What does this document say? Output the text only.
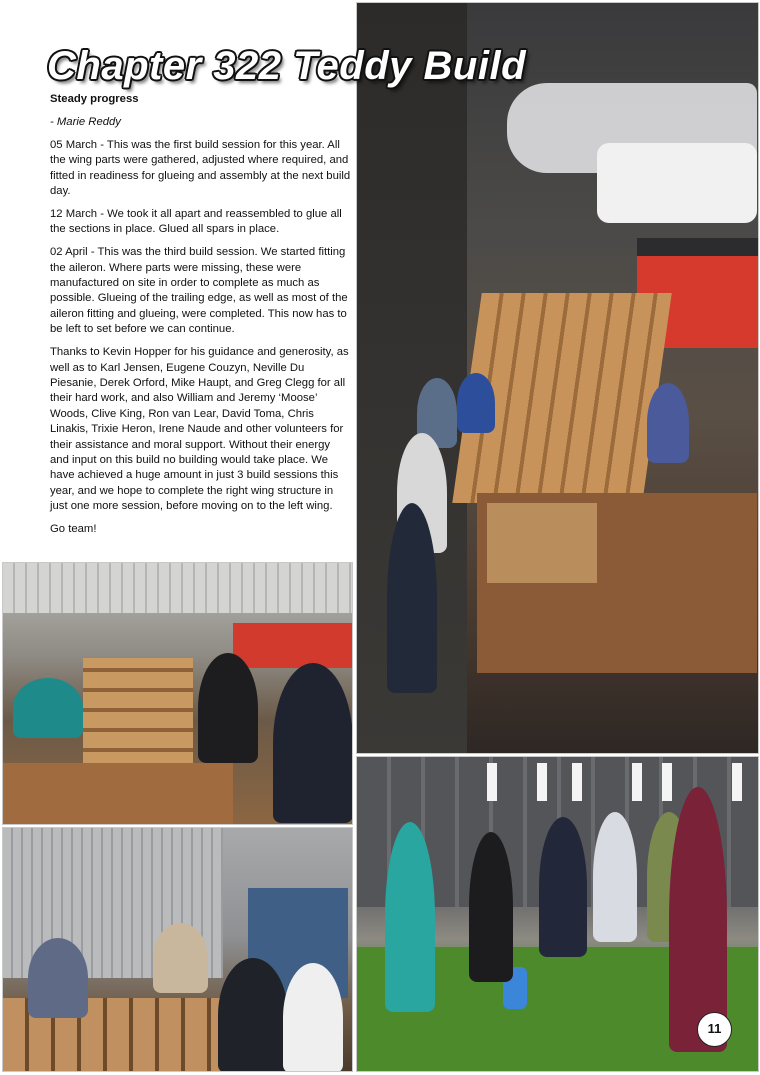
Chapter 322 Teddy Build

Steady progress

- Marie Reddy

05 March - This was the first build session for this year. All the wing parts were gathered, adjusted where required, and fitted in readiness for glueing and assembly at the next build day.

12 March - We took it all apart and reassembled to glue all the sections in place. Glued all spars in place.

02 April - This was the third build session. We started fitting the aileron. Where parts were missing, these were manufactured on site in order to complete as much as possible. Glueing of the trailing edge, as well as most of the aileron fitting and glueing, were completed. This now has to be left to set before we can continue.

Thanks to Kevin Hopper for his guidance and generosity, as well as to Karl Jensen, Eugene Couzyn, Neville Du Piesanie, Derek Orford, Mike Haupt, and Greg Clegg for all their hard work, and also William and Jeremy ‘Moose’ Woods, Clive King, Ron van Lear, David Toma, Chris Linakis, Trixie Heron, Irene Naude and other volunteers for their assistance and moral support. Without their energy and input on this build no building would take place. We have achieved a huge amount in just 3 build sessions this year, and we hope to complete the right wing structure in just one more session, before moving on to the left wing.

Go team!

11
